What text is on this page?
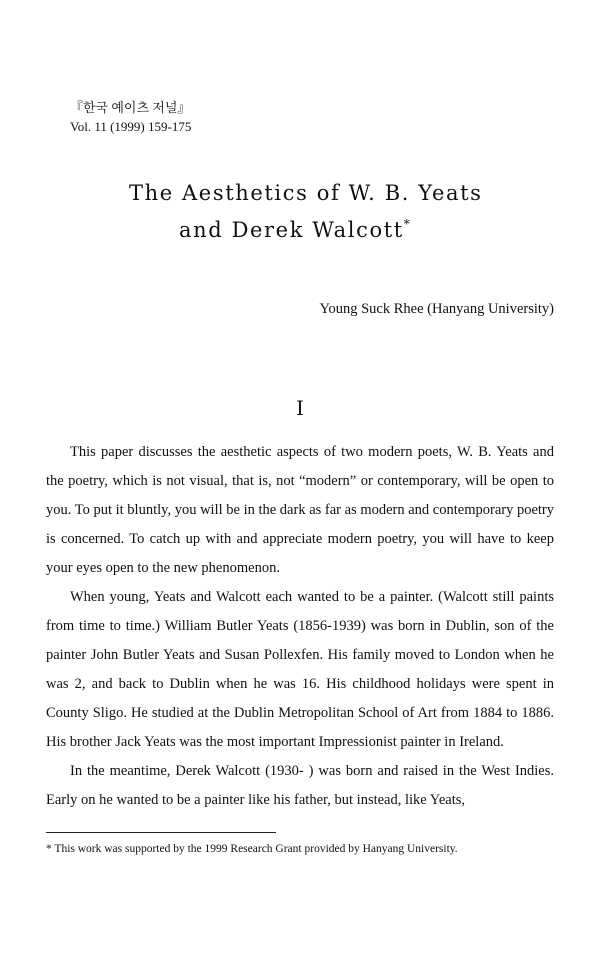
『한국 예이츠 저널』
Vol. 11 (1999) 159-175
The Aesthetics of W. B. Yeats
and Derek Walcott*
Young Suck Rhee (Hanyang University)
Ⅰ

This paper discusses the aesthetic aspects of two modern poets, W. B. Yeats and the poetry, which is not visual, that is, not “modern” or contemporary, will be open to you. To put it bluntly, you will be in the dark as far as modern and contemporary poetry is concerned. To catch up with and appreciate modern poetry, you will have to keep your eyes open to the new phenomenon.

When young, Yeats and Walcott each wanted to be a painter. (Walcott still paints from time to time.) William Butler Yeats (1856-1939) was born in Dublin, son of the painter John Butler Yeats and Susan Pollexfen. His family moved to London when he was 2, and back to Dublin when he was 16. His childhood holidays were spent in County Sligo. He studied at the Dublin Metropolitan School of Art from 1884 to 1886. His brother Jack Yeats was the most important Impressionist painter in Ireland.

In the meantime, Derek Walcott (1930- ) was born and raised in the West Indies. Early on he wanted to be a painter like his father, but instead, like Yeats,

* This work was supported by the 1999 Research Grant provided by Hanyang University.
